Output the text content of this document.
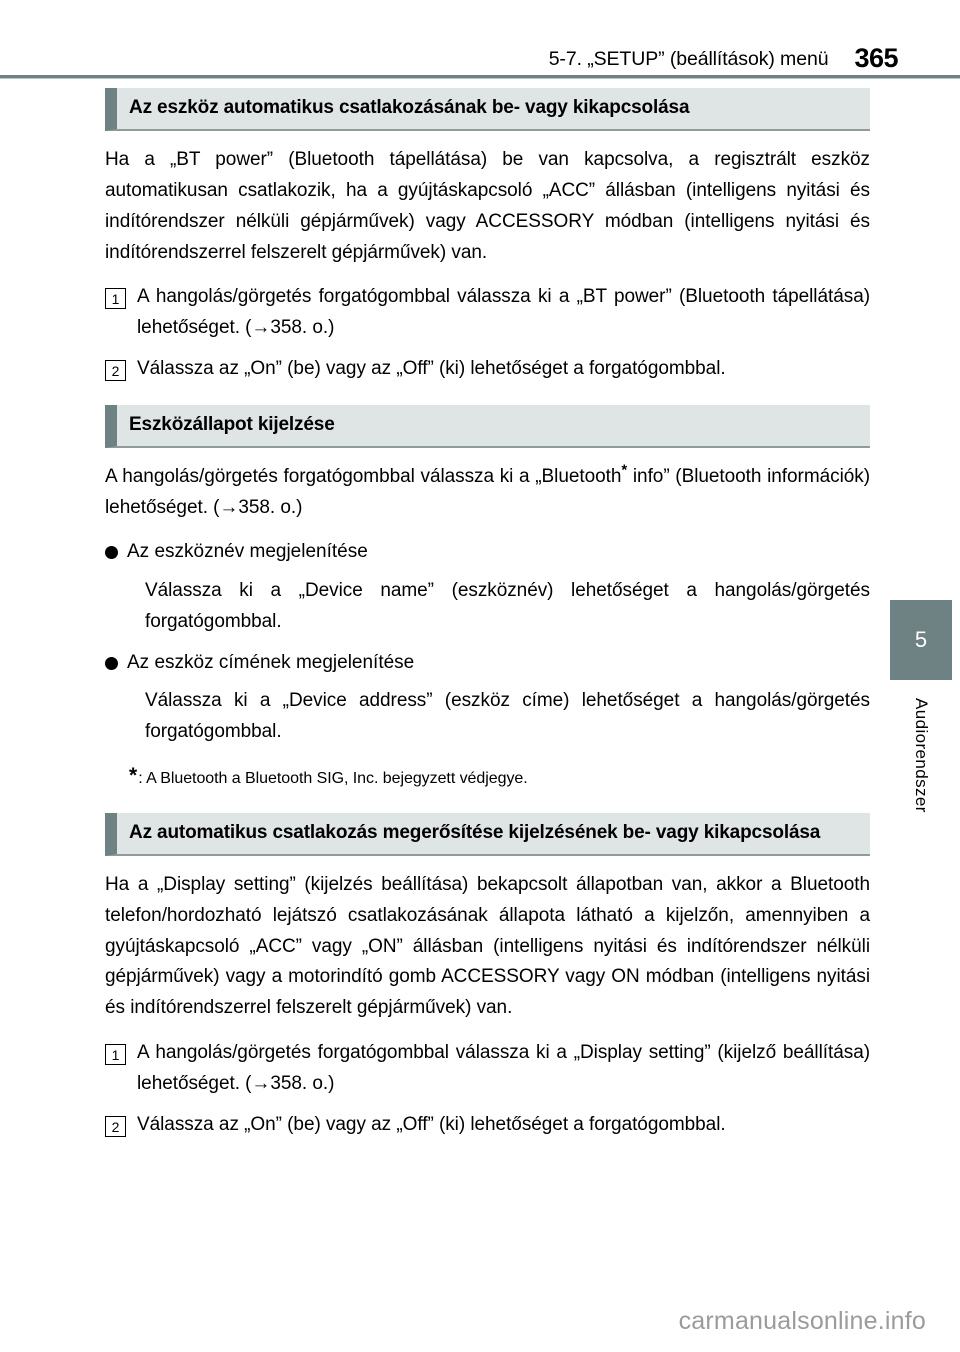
5-7. „SETUP” (beállítások) menü 365
5
Audiorendszer
Az eszköz automatikus csatlakozásának be- vagy kikapcsolása

Ha a „BT power” (Bluetooth tápellátása) be van kapcsolva, a regisztrált eszköz automatikusan csatlakozik, ha a gyújtáskapcsoló „ACC” állásban (intelligens nyitási és indítórendszer nélküli gépjárművek) vagy ACCESSORY módban (intelligens nyitási és indítórendszerrel felszerelt gépjárművek) van.

1 A hangolás/görgetés forgatógombbal válassza ki a „BT power” (Bluetooth tápellátása) lehetőséget. (→358. o.)
2 Válassza az „On” (be) vagy az „Off” (ki) lehetőséget a forgatógombbal.
Eszközállapot kijelzése

A hangolás/görgetés forgatógombbal válassza ki a „Bluetooth* info” (Bluetooth információk) lehetőséget. (→358. o.)

Az eszköznév megjelenítése

Válassza ki a „Device name” (eszköznév) lehetőséget a hangolás/görgetés forgatógombbal.

Az eszköz címének megjelenítése

Válassza ki a „Device address” (eszköz címe) lehetőséget a hangolás/görgetés forgatógombbal.

* : A Bluetooth a Bluetooth SIG, Inc. bejegyzett védjegye.
Az automatikus csatlakozás megerősítése kijelzésének be- vagy kikapcsolása

Ha a „Display setting” (kijelzés beállítása) bekapcsolt állapotban van, akkor a Bluetooth telefon/hordozható lejátszó csatlakozásának állapota látható a kijelzőn, amennyiben a gyújtáskapcsoló „ACC” vagy „ON” állásban (intelligens nyitási és indítórendszer nélküli gépjárművek) vagy a motorindító gomb ACCESSORY vagy ON módban (intelligens nyitási és indítórendszerrel felszerelt gépjárművek) van.

1 A hangolás/görgetés forgatógombbal válassza ki a „Display setting” (kijelző beállítása) lehetőséget. (→358. o.)
2 Válassza az „On” (be) vagy az „Off” (ki) lehetőséget a forgatógombbal.
carmanualsonline.info
